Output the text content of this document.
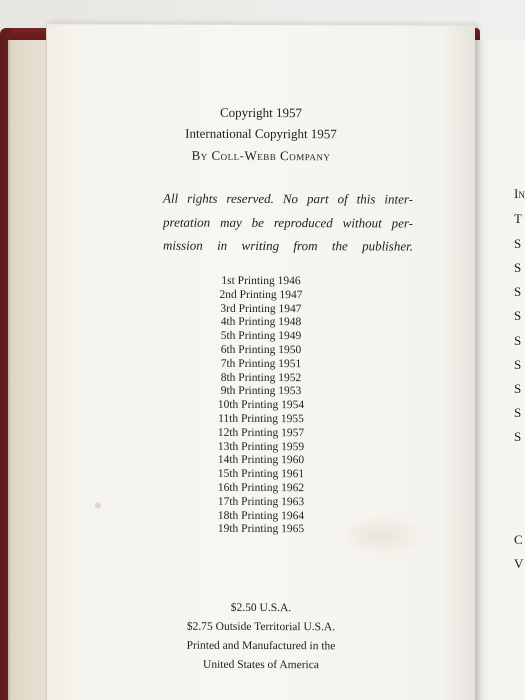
In
T
S
S
S
S
S
S
S
S
S
C
V
Copyright 1957
International Copyright 1957
By Coll-Webb Company
All rights reserved. No part of this inter-
pretation may be reproduced without per-
mission in writing from the publisher.
1st Printing 1946
2nd Printing 1947
3rd Printing 1947
4th Printing 1948
5th Printing 1949
6th Printing 1950
7th Printing 1951
8th Printing 1952
9th Printing 1953
10th Printing 1954
11th Printing 1955
12th Printing 1957
13th Printing 1959
14th Printing 1960
15th Printing 1961
16th Printing 1962
17th Printing 1963
18th Printing 1964
19th Printing 1965
$2.50 U.S.A.
$2.75 Outside Territorial U.S.A.
Printed and Manufactured in the
United States of America
